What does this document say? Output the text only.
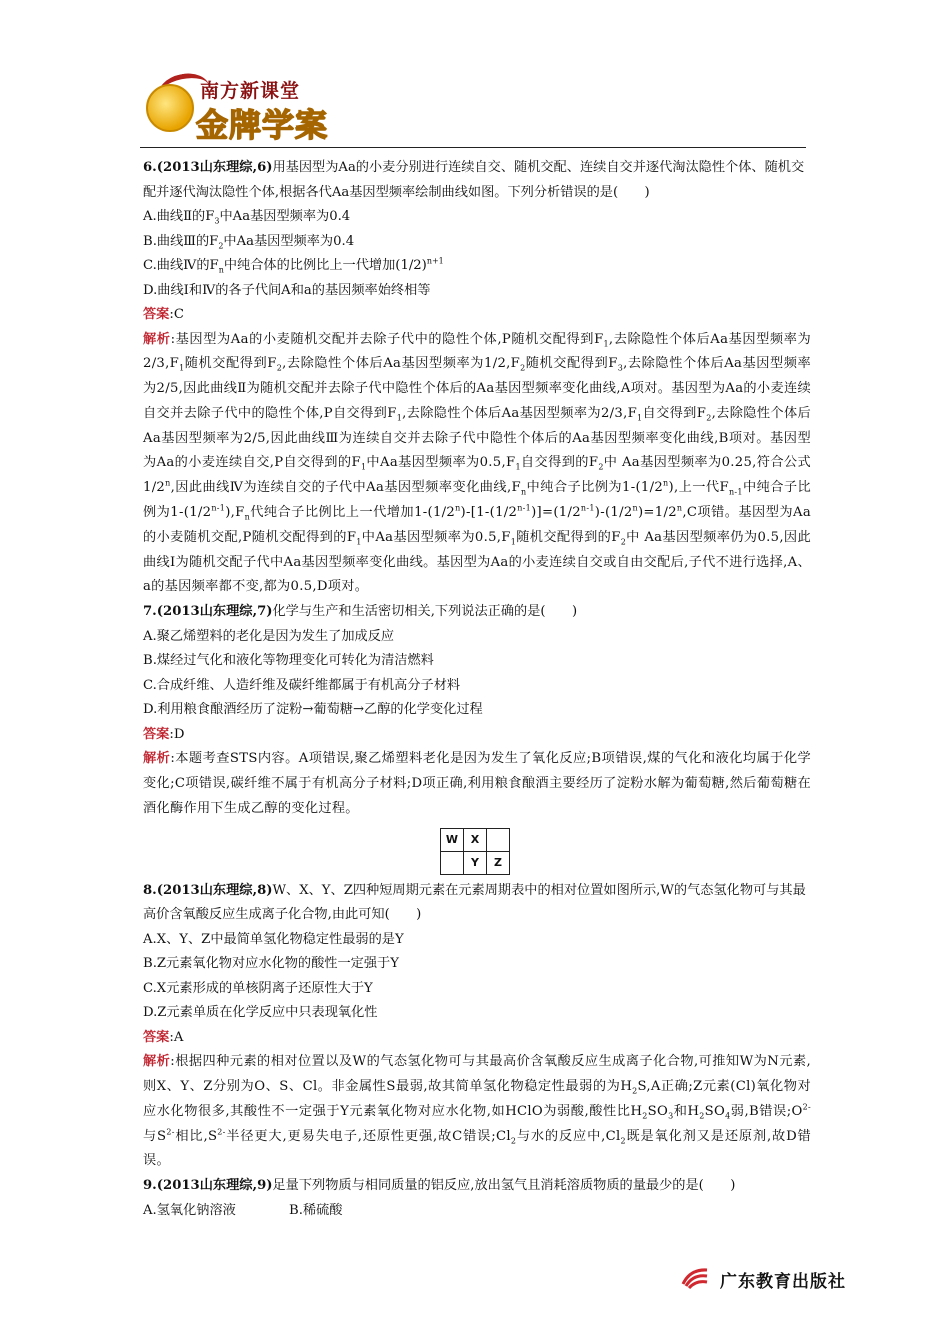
南方新课堂
金牌学案

6.(2013山东理综,6)用基因型为Aa的小麦分别进行连续自交、随机交配、连续自交并逐代淘汰隐性个体、随机交配并逐代淘汰隐性个体,根据各代Aa基因型频率绘制曲线如图。下列分析错误的是(　　)

A.曲线Ⅱ的$F_3$中Aa基因型频率为0.4

B.曲线Ⅲ的$F_2$中Aa基因型频率为0.4

C.曲线Ⅳ的$F_n$中纯合体的比例比上一代增加$(1/2)^{n+1}$

D.曲线Ⅰ和Ⅳ的各子代间A和a的基因频率始终相等

答案:C

解析:基因型为Aa的小麦随机交配并去除子代中的隐性个体,P随机交配得到$F_1$,去除隐性个体后Aa基因型频率为$2/3,F_1$随机交配得到$F_2$,去除隐性个体后Aa基因型频率为$1/2,F_2$随机交配得到$F_3$,去除隐性个体后Aa基因型频率为2/5,因此曲线Ⅱ为随机交配并去除子代中隐性个体后的Aa基因型频率变化曲线,A项对。基因型为Aa的小麦连续自交并去除子代中的隐性个体,P自交得到$F_1$,去除隐性个体后Aa基因型频率为$2/3,F_1$自交得到$F_2$,去除隐性个体后Aa基因型频率为2/5,因此曲线Ⅲ为连续自交并去除子代中隐性个体后的Aa基因型频率变化曲线,B项对。基因型为Aa的小麦连续自交,P自交得到的$F_1$中Aa基因型频率为$0.5,F_1$自交得到的$F_2$中 Aa基因型频率为0.25,符合公式1/2$^n$,因此曲线Ⅳ为连续自交的子代中Aa基因型频率变化曲线$,F_n$中纯合子比例为1-(1/2$^n$),上一代$F_{n-1}$中纯合子比例为$1-(1/2^{n-1}),F_n$代纯合子比例比上一代增加$1-(1/2^n)-[1-(1/2^{n-1})]=(1/2^{n-1})-(1/2^n)=1/2^n,C$项错。基因型为Aa的小麦随机交配,P随机交配得到的$F_1$中Aa基因型频率为$0.5,F_1$随机交配得到的$F_2$中 Aa基因型频率仍为0.5,因此曲线Ⅰ为随机交配子代中Aa基因型频率变化曲线。基因型为Aa的小麦连续自交或自由交配后,子代不进行选择,A、a的基因频率都不变,都为0.5,D项对。

7.(2013山东理综,7)化学与生产和生活密切相关,下列说法正确的是(　　)

A.聚乙烯塑料的老化是因为发生了加成反应

B.煤经过气化和液化等物理变化可转化为清洁燃料

C.合成纤维、人造纤维及碳纤维都属于有机高分子材料

D.利用粮食酿酒经历了淀粉→葡萄糖→乙醇的化学变化过程

答案:D

解析:本题考查STS内容。A项错误,聚乙烯塑料老化是因为发生了氧化反应;B项错误,煤的气化和液化均属于化学变化;C项错误,碳纤维不属于有机高分子材料;D项正确,利用粮食酿酒主要经历了淀粉水解为葡萄糖,然后葡萄糖在酒化酶作用下生成乙醇的变化过程。

W	X	
	Y	Z

8.(2013山东理综,8)W、X、Y、Z四种短周期元素在元素周期表中的相对位置如图所示,W的气态氢化物可与其最高价含氧酸反应生成离子化合物,由此可知(　　)

A.X、Y、Z中最简单氢化物稳定性最弱的是Y

B.Z元素氧化物对应水化物的酸性一定强于Y

C.X元素形成的单核阴离子还原性大于Y

D.Z元素单质在化学反应中只表现氧化性

答案:A

解析:根据四种元素的相对位置以及W的气态氢化物可与其最高价含氧酸反应生成离子化合物,可推知W为N元素,则X、Y、Z分别为O、S、Cl。非金属性S最弱,故其简单氢化物稳定性最弱的为$H_2S,A$正确;Z元素(Cl)氧化物对应水化物很多,其酸性不一定强于Y元素氧化物对应水化物,如HClO为弱酸,酸性比$H_2SO_3$和$H_2SO_4$弱,B错误$;O^{2-}$与$S^{2-}$相比$,S^{2-}$半径更大,更易失电子,还原性更强,故C错误$;Cl_2$与水的反应中$,Cl_2$既是氧化剂又是还原剂,故D错误。

9.(2013山东理综,9)足量下列物质与相同质量的铝反应,放出氢气且消耗溶质物质的量最少的是(　　)

A.氢氧化钠溶液	B.稀硫酸

广东教育出版社
